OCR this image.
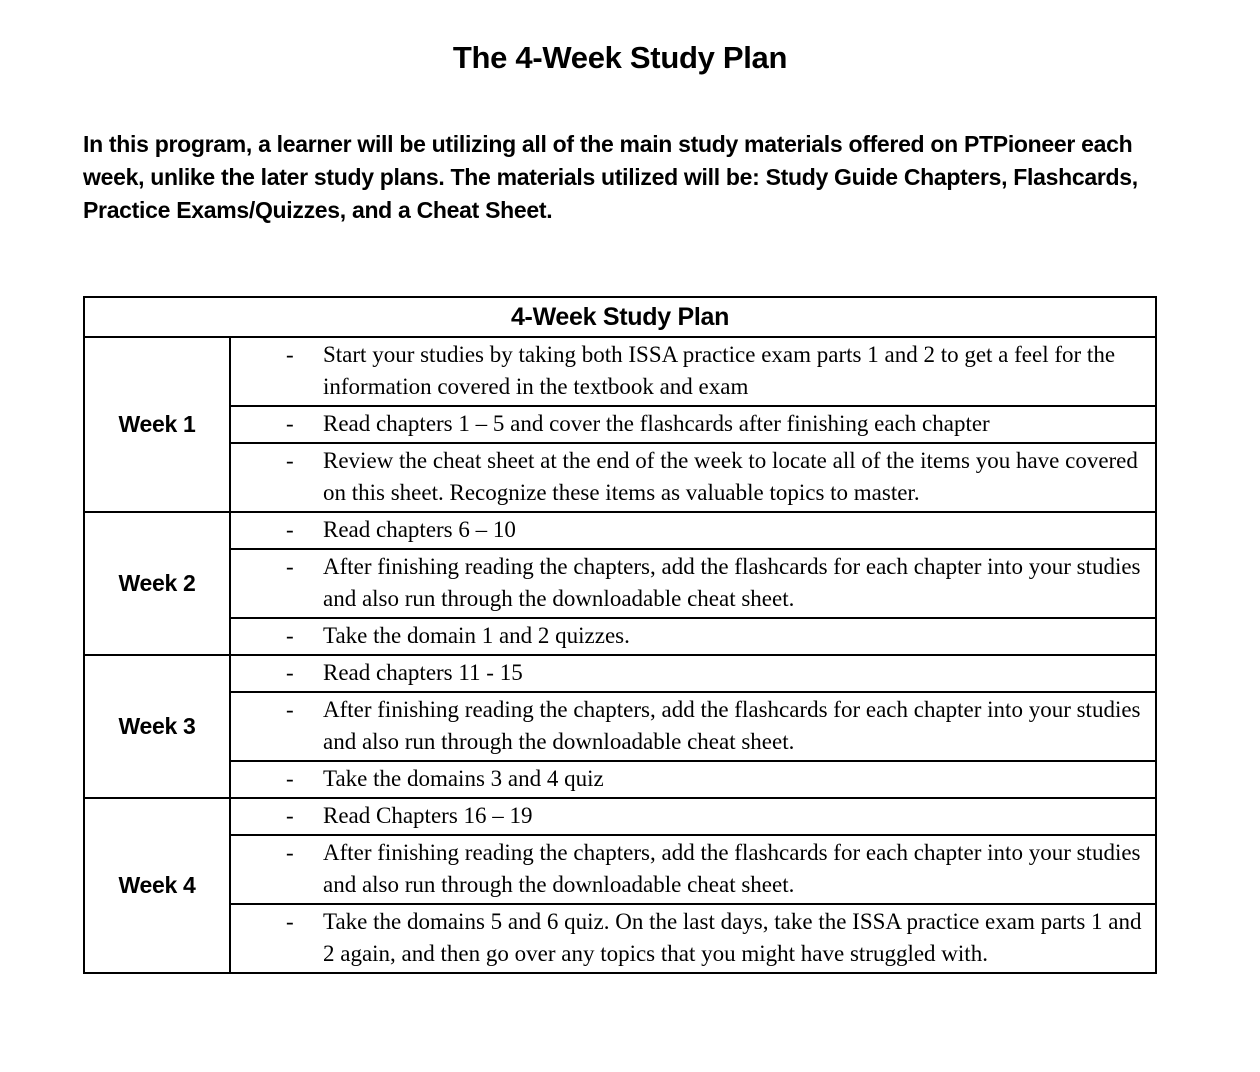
The 4-Week Study Plan

In this program, a learner will be utilizing all of the main study materials offered on PTPioneer each week, unlike the later study plans. The materials utilized will be: Study Guide Chapters, Flashcards, Practice Exams/Quizzes, and a Cheat Sheet.

4-Week Study Plan	
Week 1	- Start your studies by taking both ISSA practice exam parts 1 and 2 to get a feel for the information covered in the textbook and exam

	- Read chapters 1 – 5 and cover the flashcards after finishing each chapter

	- Review the cheat sheet at the end of the week to locate all of the items you have covered on this sheet. Recognize these items as valuable topics to master.

Week 2	- Read chapters 6 – 10

	- After finishing reading the chapters, add the flashcards for each chapter into your studies and also run through the downloadable cheat sheet.

	- Take the domain 1 and 2 quizzes.

Week 3	- Read chapters 11 - 15

	- After finishing reading the chapters, add the flashcards for each chapter into your studies and also run through the downloadable cheat sheet.

	- Take the domains 3 and 4 quiz

Week 4	- Read Chapters 16 – 19

	- After finishing reading the chapters, add the flashcards for each chapter into your studies and also run through the downloadable cheat sheet.

	- Take the domains 5 and 6 quiz. On the last days, take the ISSA practice exam parts 1 and 2 again, and then go over any topics that you might have struggled with.
